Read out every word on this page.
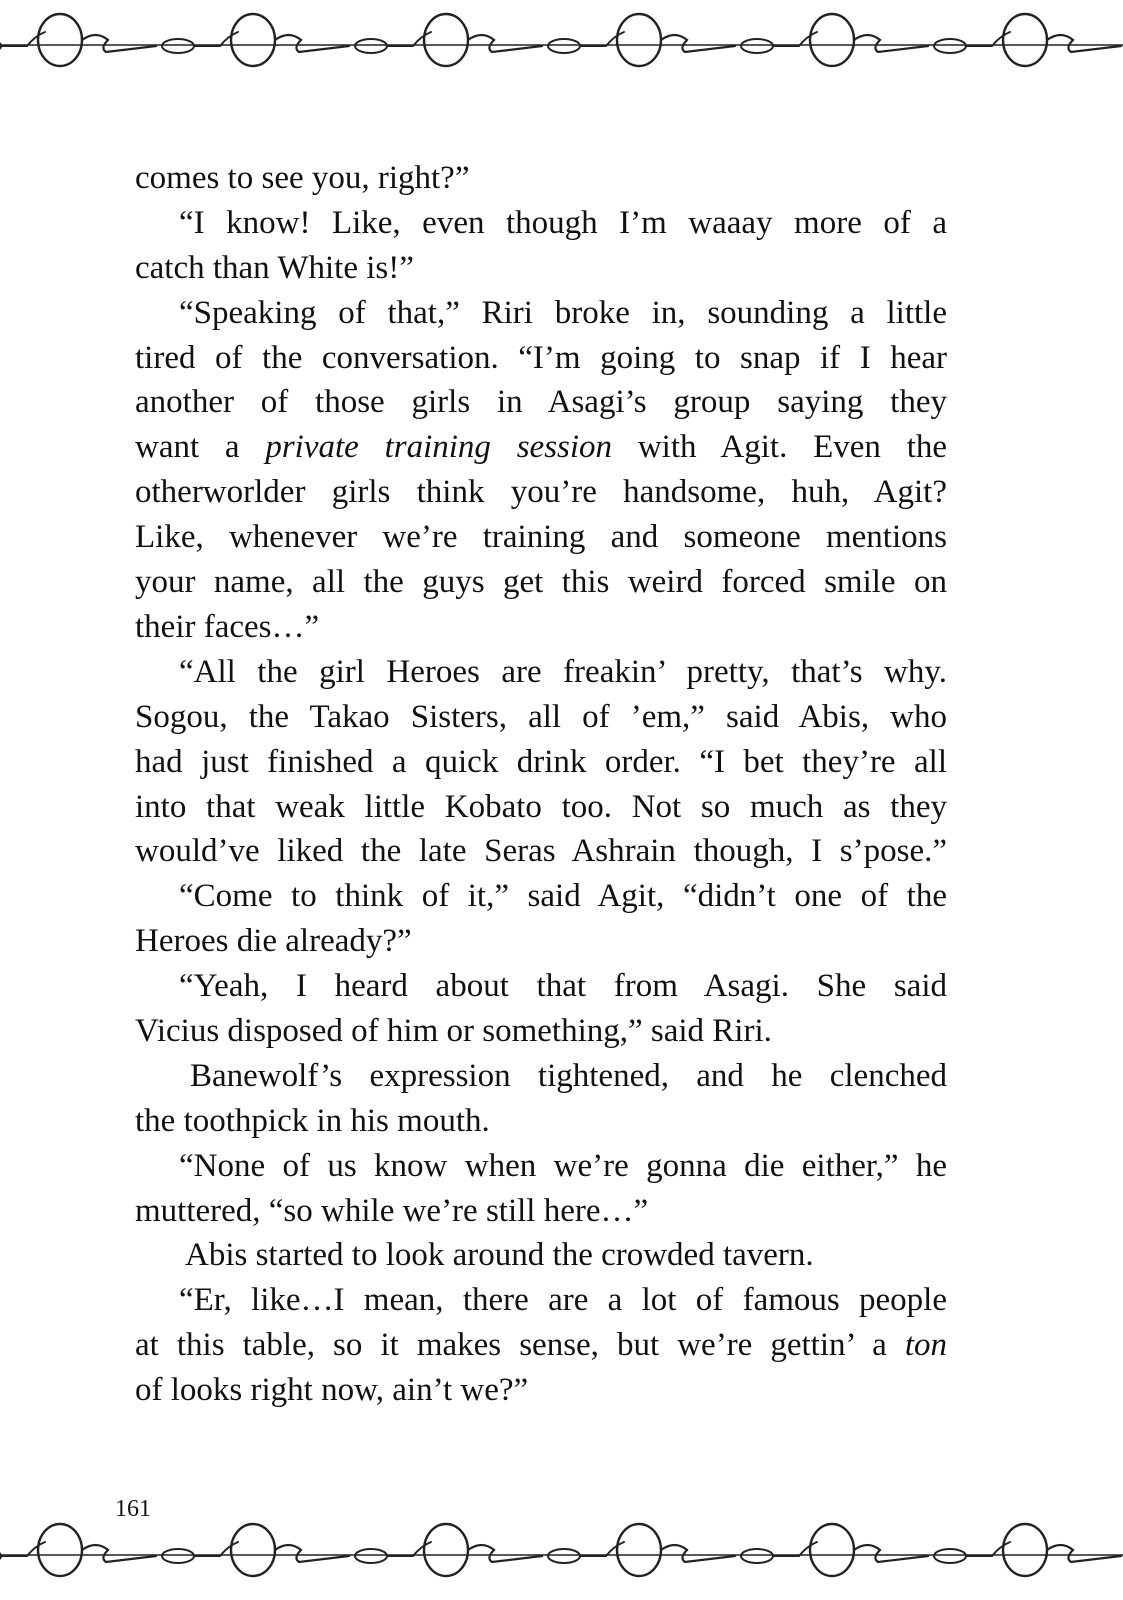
comes to see you, right?”
“I know! Like, even though I’m waaay more of a
catch than White is!”
“Speaking of that,” Riri broke in, sounding a little
tired of the conversation. “I’m going to snap if I hear
another of those girls in Asagi’s group saying they
want a private training session with Agit. Even the
otherworlder girls think you’re handsome, huh, Agit?
Like, whenever we’re training and someone mentions
your name, all the guys get this weird forced smile on
their faces…”
“All the girl Heroes are freakin’ pretty, that’s why.
Sogou, the Takao Sisters, all of ’em,” said Abis, who
had just finished a quick drink order. “I bet they’re all
into that weak little Kobato too. Not so much as they
would’ve liked the late Seras Ashrain though, I s’pose.”
“Come to think of it,” said Agit, “didn’t one of the
Heroes die already?”
“Yeah, I heard about that from Asagi. She said
Vicius disposed of him or something,” said Riri.
Banewolf’s expression tightened, and he clenched
the toothpick in his mouth.
“None of us know when we’re gonna die either,” he
muttered, “so while we’re still here…”
Abis started to look around the crowded tavern.
“Er, like…I mean, there are a lot of famous people
at this table, so it makes sense, but we’re gettin’ a ton
of looks right now, ain’t we?”
161
